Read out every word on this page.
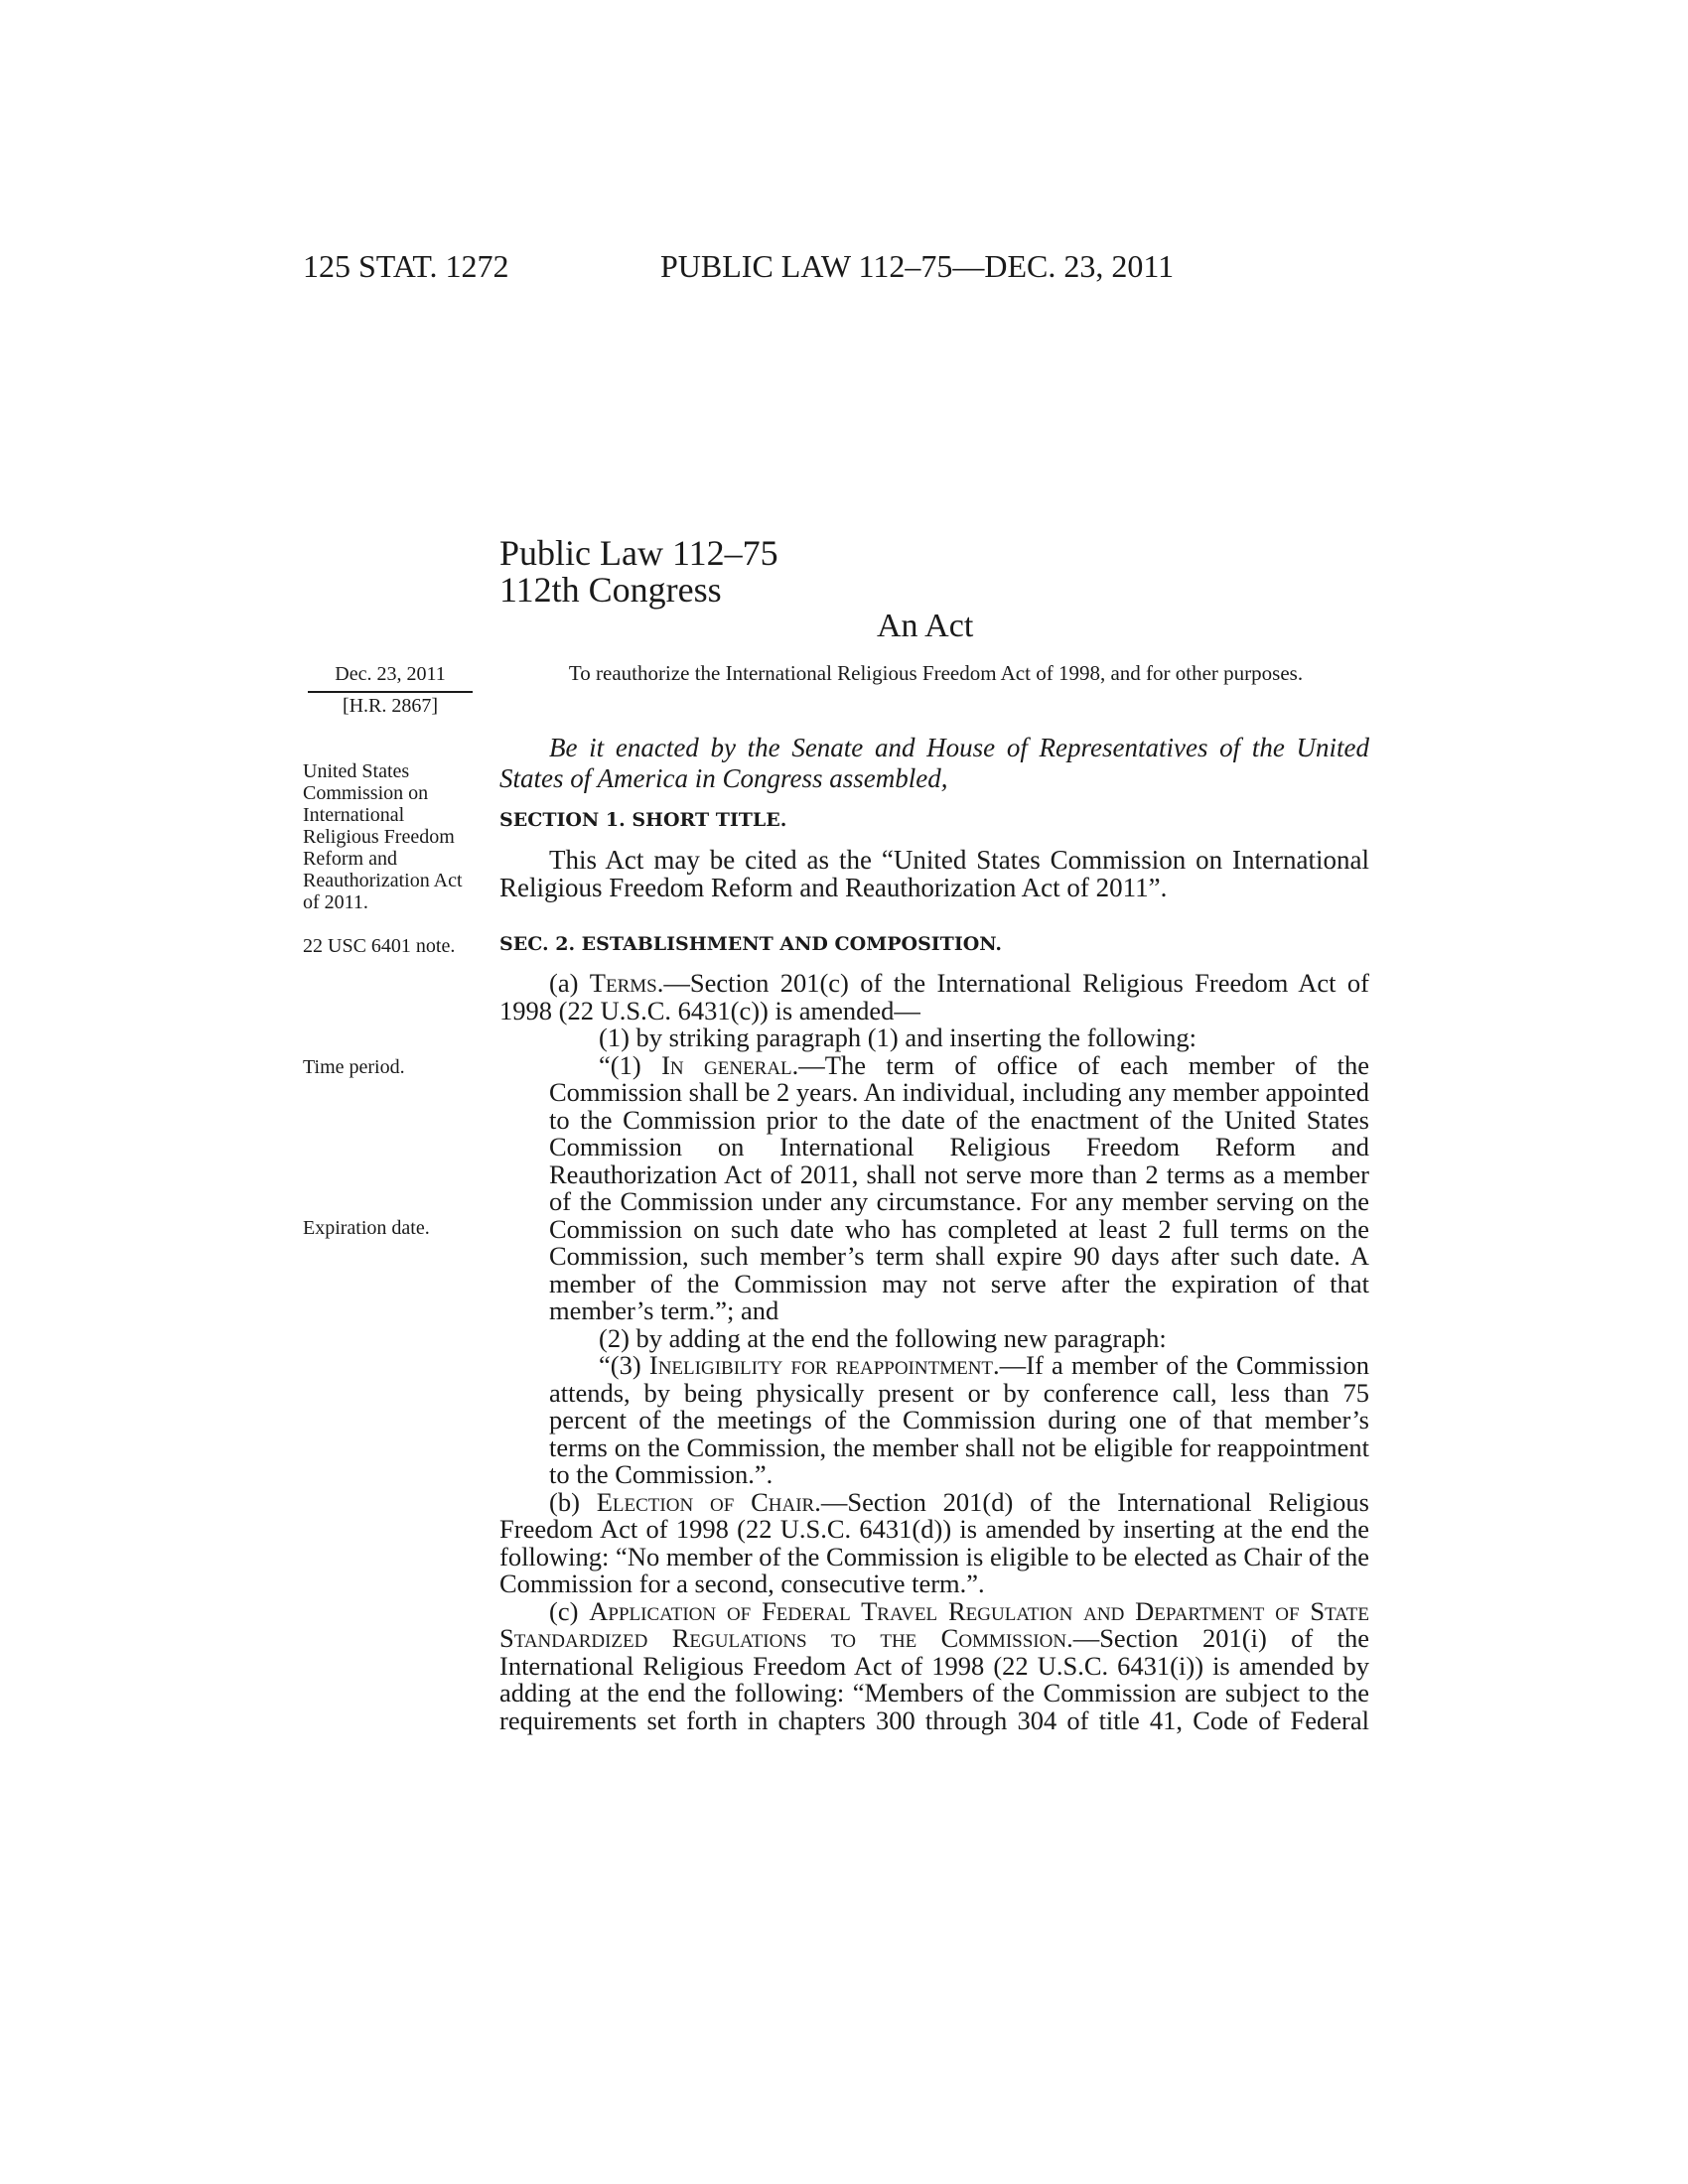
125 STAT. 1272	PUBLIC LAW 112–75—DEC. 23, 2011
Public Law 112–75
112th Congress
An Act
Dec. 23, 2011
[H.R. 2867]
To reauthorize the International Religious Freedom Act of 1998, and for other purposes.
United States Commission on International Religious Freedom Reform and Reauthorization Act of 2011.
22 USC 6401 note.
Time period.
Expiration date.

Be it enacted by the Senate and House of Representatives of the United States of America in Congress assembled,

SECTION 1. SHORT TITLE.

This Act may be cited as the “United States Commission on International Religious Freedom Reform and Reauthorization Act of 2011”.

SEC. 2. ESTABLISHMENT AND COMPOSITION.

(a) Terms.—Section 201(c) of the International Religious Freedom Act of 1998 (22 U.S.C. 6431(c)) is amended—

(1) by striking paragraph (1) and inserting the following:

“(1) In general.—The term of office of each member of the Commission shall be 2 years. An individual, including any member appointed to the Commission prior to the date of the enactment of the United States Commission on International Religious Freedom Reform and Reauthorization Act of 2011, shall not serve more than 2 terms as a member of the Commission under any circumstance. For any member serving on the Commission on such date who has completed at least 2 full terms on the Commission, such member’s term shall expire 90 days after such date. A member of the Commission may not serve after the expiration of that member’s term.”; and

(2) by adding at the end the following new paragraph:

“(3) Ineligibility for reappointment.—If a member of the Commission attends, by being physically present or by conference call, less than 75 percent of the meetings of the Commission during one of that member’s terms on the Commission, the member shall not be eligible for reappointment to the Commission.”.

(b) Election of Chair.—Section 201(d) of the International Religious Freedom Act of 1998 (22 U.S.C. 6431(d)) is amended by inserting at the end the following: “No member of the Commission is eligible to be elected as Chair of the Commission for a second, consecutive term.”.

(c) Application of Federal Travel Regulation and Department of State Standardized Regulations to the Commission.—Section 201(i) of the International Religious Freedom Act of 1998 (22 U.S.C. 6431(i)) is amended by adding at the end the following: “Members of the Commission are subject to the requirements set forth in chapters 300 through 304 of title 41, Code of Federal
